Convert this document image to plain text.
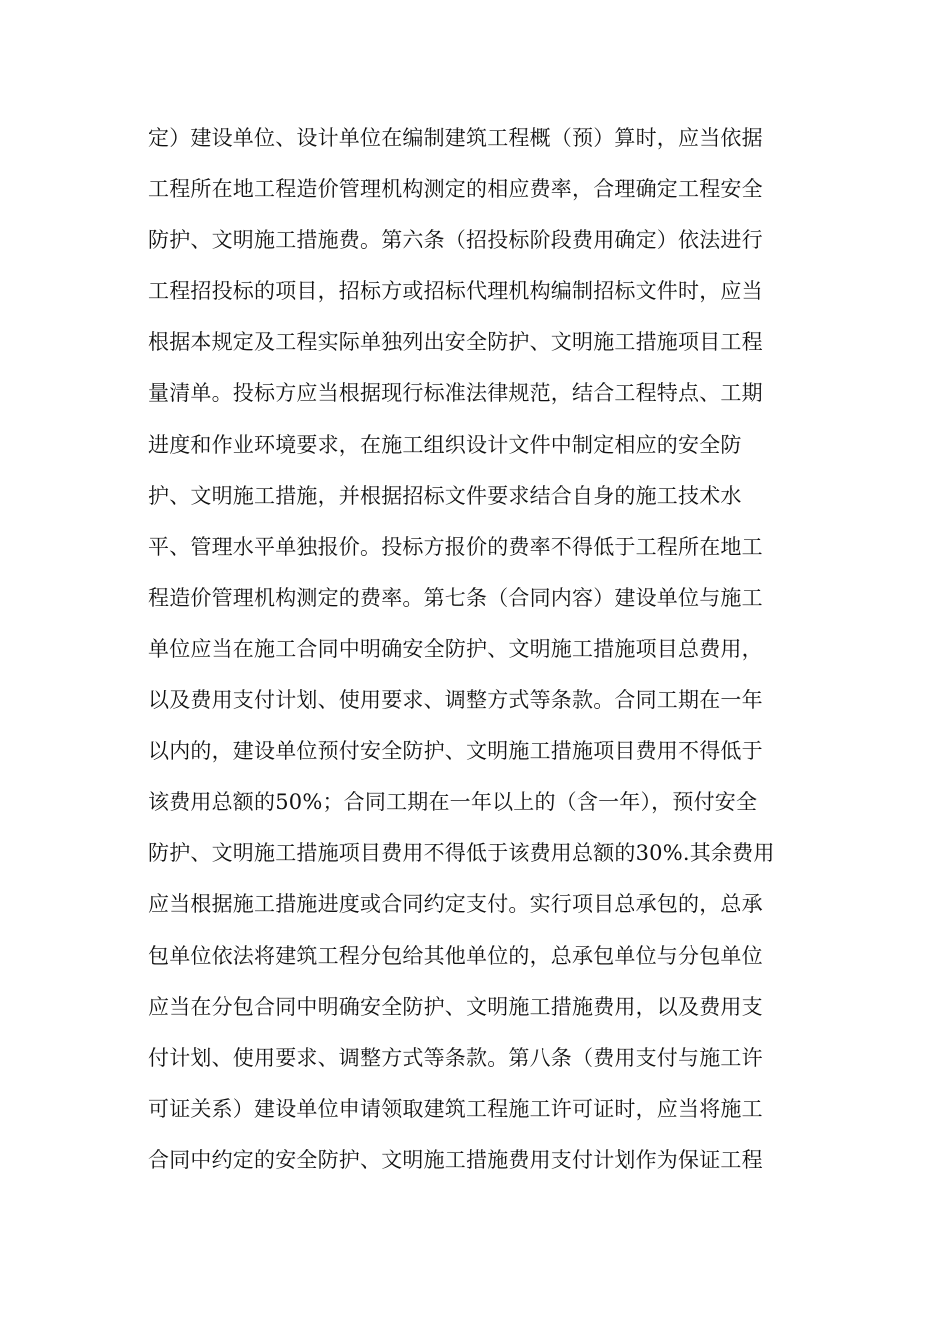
定）建设单位、设计单位在编制建筑工程概（预）算时，应当依据
工程所在地工程造价管理机构测定的相应费率，合理确定工程安全
防护、文明施工措施费。第六条（招投标阶段费用确定）依法进行
工程招投标的项目，招标方或招标代理机构编制招标文件时，应当
根据本规定及工程实际单独列出安全防护、文明施工措施项目工程
量清单。投标方应当根据现行标准法律规范，结合工程特点、工期
进度和作业环境要求，在施工组织设计文件中制定相应的安全防
护、文明施工措施，并根据招标文件要求结合自身的施工技术水
平、管理水平单独报价。投标方报价的费率不得低于工程所在地工
程造价管理机构测定的费率。第七条（合同内容）建设单位与施工
单位应当在施工合同中明确安全防护、文明施工措施项目总费用，
以及费用支付计划、使用要求、调整方式等条款。合同工期在一年
以内的，建设单位预付安全防护、文明施工措施项目费用不得低于
该费用总额的50%；合同工期在一年以上的（含一年），预付安全
防护、文明施工措施项目费用不得低于该费用总额的30%.其余费用
应当根据施工措施进度或合同约定支付。实行项目总承包的，总承
包单位依法将建筑工程分包给其他单位的，总承包单位与分包单位
应当在分包合同中明确安全防护、文明施工措施费用，以及费用支
付计划、使用要求、调整方式等条款。第八条（费用支付与施工许
可证关系）建设单位申请领取建筑工程施工许可证时，应当将施工
合同中约定的安全防护、文明施工措施费用支付计划作为保证工程
